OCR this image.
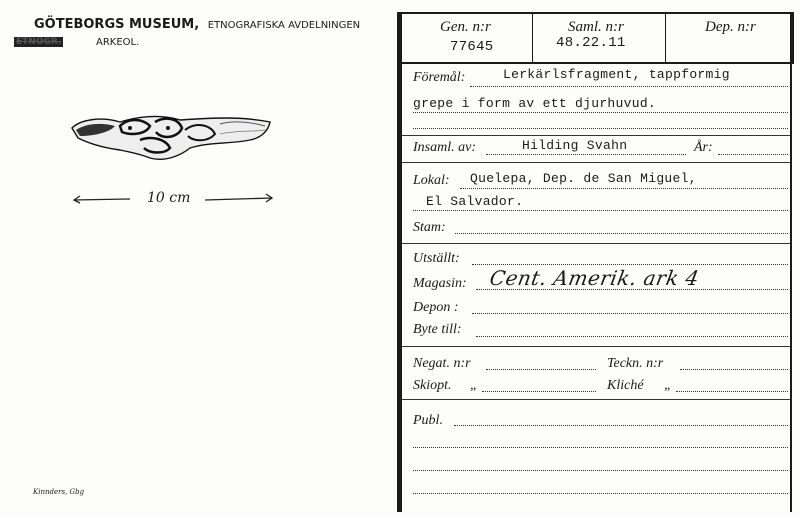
GÖTEBORGS MUSEUM, ETNOGRAFISKA AVDELNINGEN
ETNOGR.	ARKEOL.
10 cm
Kinnders, Gbg
Gen. n:r
77645
Saml. n:r
48.22.11
Dep. n:r
Föremål:	Lerkärlsfragment, tappformig
grepe i form av ett djurhuvud.
Insaml. av:	Hilding Svahn	År:
Lokal: Quelepa, Dep. de San Miguel,
El Salvador.
Stam:
Utställt:
Magasin: Cent. Amerik. ark 4
Depon :
Byte till:
Negat. n:r	Teckn. n:r
Skiopt. „	Kliché „
Publ.
